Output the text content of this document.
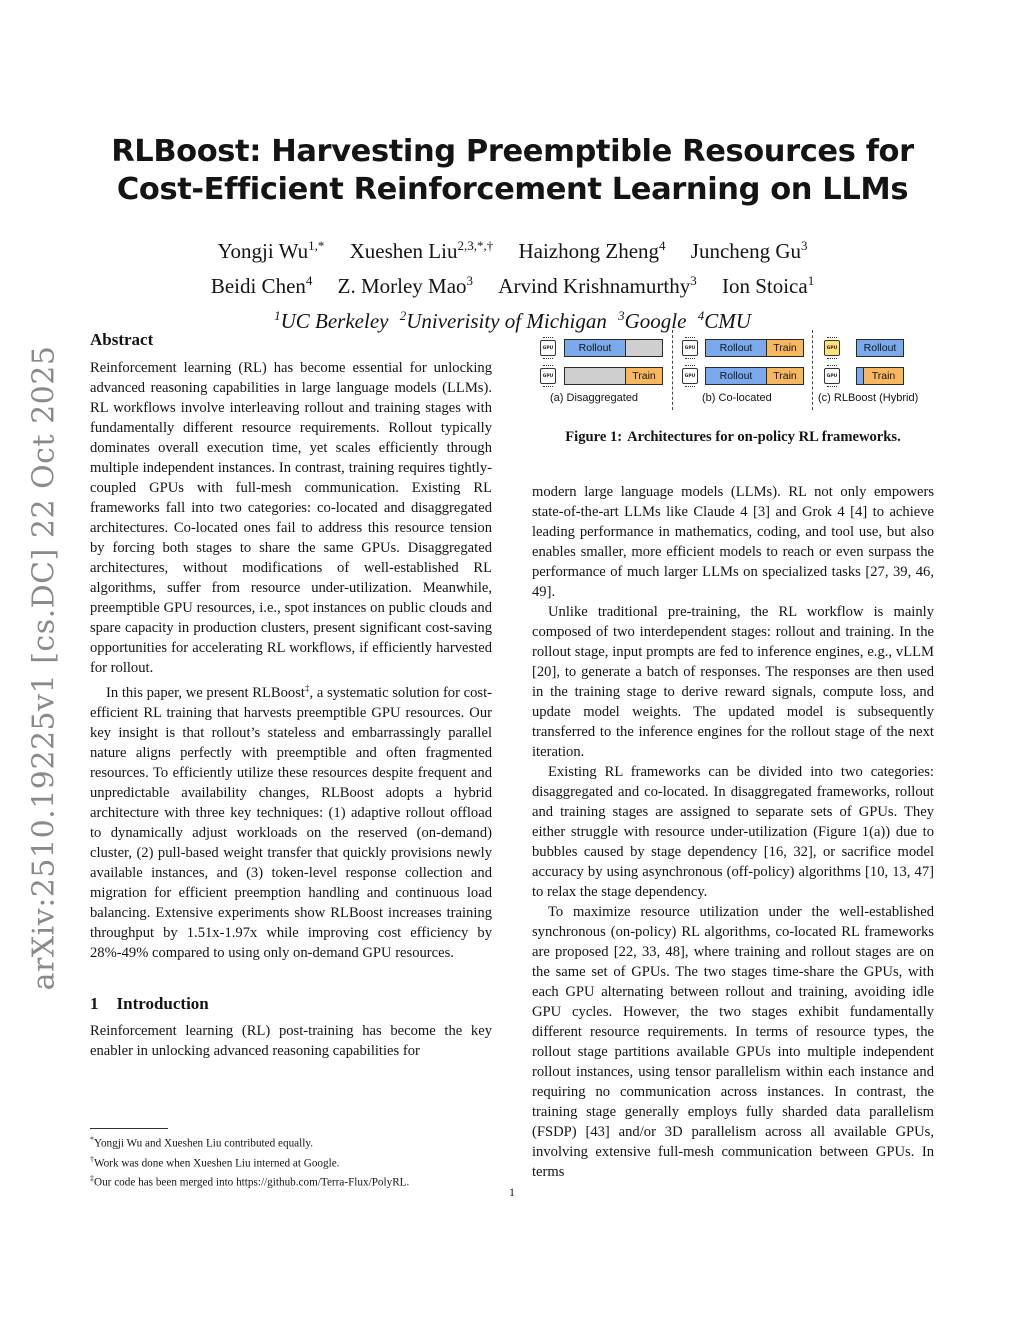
arXiv:2510.19225v1 [cs.DC] 22 Oct 2025
RLBoost: Harvesting Preemptible Resources for Cost-Efficient Reinforcement Learning on LLMs
Yongji $Wu^{1,*}$ Xueshen Liu$^{2,3,*,\dagger}$ Haizhong Zheng$^4$ Juncheng Gu$^3$
Beidi Chen$^4$ Z. Morley Mao$^3$ Arvind Krishnamurthy$^3$ Ion Stoica$^1$
$^1$UC Berkeley $^2$Univerisity of Michigan $^3$Google $^4$CMU
Abstract

Reinforcement learning (RL) has become essential for unlocking advanced reasoning capabilities in large language models (LLMs). RL workflows involve interleaving rollout and training stages with fundamentally different resource requirements. Rollout typically dominates overall execution time, yet scales efficiently through multiple independent instances. In contrast, training requires tightly-coupled GPUs with full-mesh communication. Existing RL frameworks fall into two categories: co-located and disaggregated architectures. Co-located ones fail to address this resource tension by forcing both stages to share the same GPUs. Disaggregated architectures, without modifications of well-established RL algorithms, suffer from resource under-utilization. Meanwhile, preemptible GPU resources, i.e., spot instances on public clouds and spare capacity in production clusters, present significant cost-saving opportunities for accelerating RL workflows, if efficiently harvested for rollout.

In this paper, we present RLBoost‡, a systematic solution for cost-efficient RL training that harvests preemptible GPU resources. Our key insight is that rollout’s stateless and embarrassingly parallel nature aligns perfectly with preemptible and often fragmented resources. To efficiently utilize these resources despite frequent and unpredictable availability changes, RLBoost adopts a hybrid architecture with three key techniques: (1) adaptive rollout offload to dynamically adjust workloads on the reserved (on-demand) cluster, (2) pull-based weight transfer that quickly provisions newly available instances, and (3) token-level response collection and migration for efficient preemption handling and continuous load balancing. Extensive experiments show RLBoost increases training throughput by 1.51x-1.97x while improving cost efficiency by 28%-49% compared to using only on-demand GPU resources.

1 Introduction

Reinforcement learning (RL) post-training has become the key enabler in unlocking advanced reasoning capabilities for

*Yongji Wu and Xueshen Liu contributed equally.

†Work was done when Xueshen Liu interned at Google.

‡Our code has been merged into https://github.com/Terra-Flux/PolyRL.

GPU	Rollout
GPU	Train
(a) Disaggregated
GPU	Rollout	Train
GPU	Rollout	Train
(b) Co-located
GPU	Rollout
GPU	Train
(c) RLBoost (Hybrid)
Figure 1: Architectures for on-policy RL frameworks.

modern large language models (LLMs). RL not only empowers state-of-the-art LLMs like Claude 4 [3] and Grok 4 [4] to achieve leading performance in mathematics, coding, and tool use, but also enables smaller, more efficient models to reach or even surpass the performance of much larger LLMs on specialized tasks [27, 39, 46, 49].

Unlike traditional pre-training, the RL workflow is mainly composed of two interdependent stages: rollout and training. In the rollout stage, input prompts are fed to inference engines, e.g., vLLM [20], to generate a batch of responses. The responses are then used in the training stage to derive reward signals, compute loss, and update model weights. The updated model is subsequently transferred to the inference engines for the rollout stage of the next iteration.

Existing RL frameworks can be divided into two categories: disaggregated and co-located. In disaggregated frameworks, rollout and training stages are assigned to separate sets of GPUs. They either struggle with resource under-utilization (Figure 1(a)) due to bubbles caused by stage dependency [16, 32], or sacrifice model accuracy by using asynchronous (off-policy) algorithms [10, 13, 47] to relax the stage dependency.

To maximize resource utilization under the well-established synchronous (on-policy) RL algorithms, co-located RL frameworks are proposed [22, 33, 48], where training and rollout stages are on the same set of GPUs. The two stages time-share the GPUs, with each GPU alternating between rollout and training, avoiding idle GPU cycles. However, the two stages exhibit fundamentally different resource requirements. In terms of resource types, the rollout stage partitions available GPUs into multiple independent rollout instances, using tensor parallelism within each instance and requiring no communication across instances. In contrast, the training stage generally employs fully sharded data parallelism (FSDP) [43] and/or 3D parallelism across all available GPUs, involving extensive full-mesh communication between GPUs. In terms

1
